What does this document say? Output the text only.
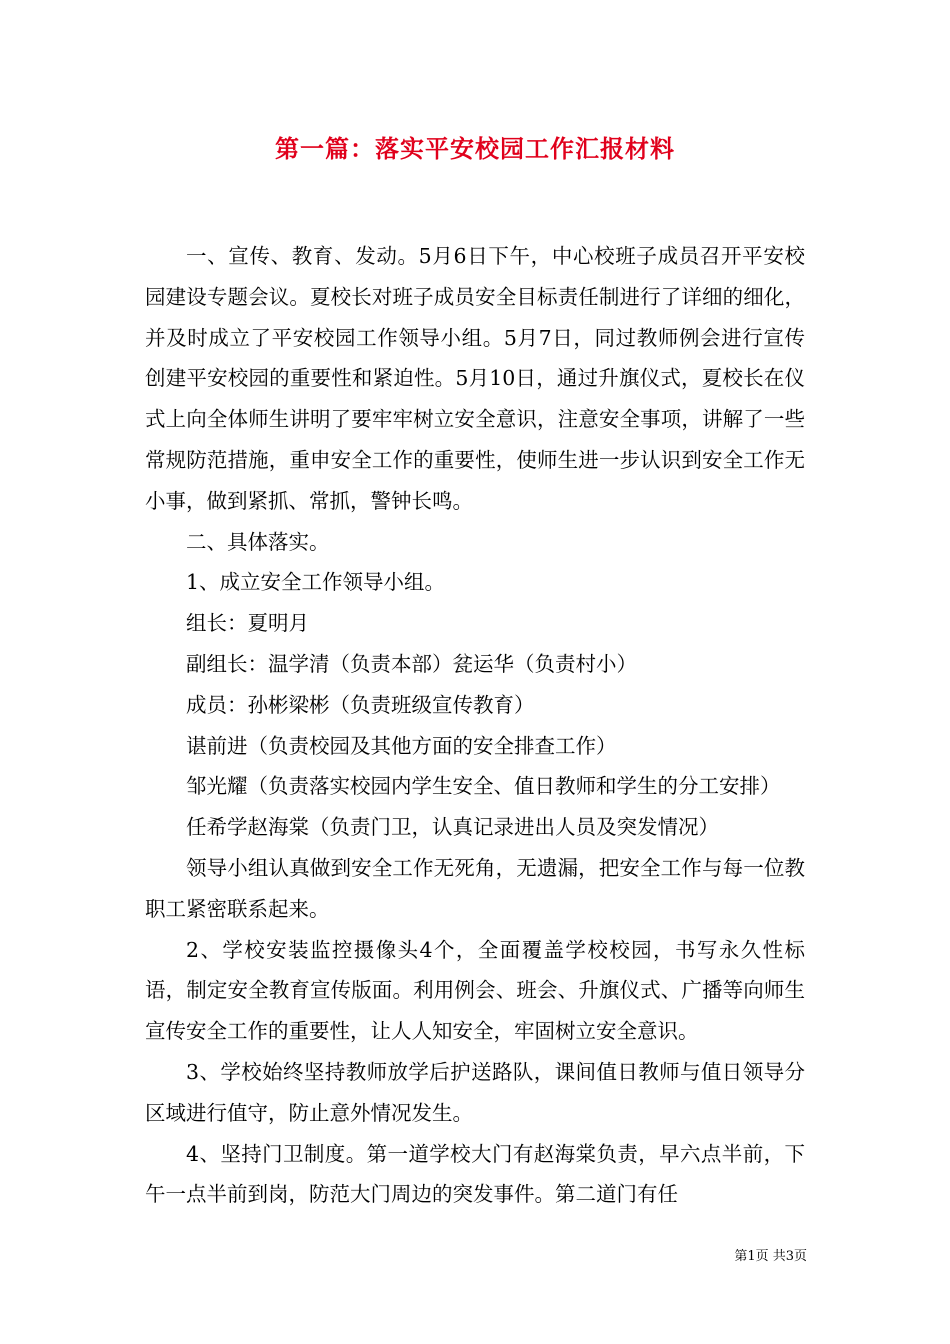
第一篇：落实平安校园工作汇报材料

一、宣传、教育、发动。5月6日下午，中心校班子成员召开平安校园建设专题会议。夏校长对班子成员安全目标责任制进行了详细的细化，并及时成立了平安校园工作领导小组。5月7日，同过教师例会进行宣传创建平安校园的重要性和紧迫性。5月10日，通过升旗仪式，夏校长在仪式上向全体师生讲明了要牢牢树立安全意识，注意安全事项，讲解了一些常规防范措施，重申安全工作的重要性，使师生进一步认识到安全工作无小事，做到紧抓、常抓，警钟长鸣。

二、具体落实。

1、成立安全工作领导小组。

组长：夏明月

副组长：温学清（负责本部）瓫运华（负责村小）

成员：孙彬梁彬（负责班级宣传教育）

谌前进（负责校园及其他方面的安全排查工作）

邹光耀（负责落实校园内学生安全、值日教师和学生的分工安排）

任希学赵海棠（负责门卫，认真记录进出人员及突发情况）

领导小组认真做到安全工作无死角，无遗漏，把安全工作与每一位教职工紧密联系起来。

2、学校安装监控摄像头4个，全面覆盖学校校园，书写永久性标语，制定安全教育宣传版面。利用例会、班会、升旗仪式、广播等向师生宣传安全工作的重要性，让人人知安全，牢固树立安全意识。

3、学校始终坚持教师放学后护送路队，课间值日教师与值日领导分区域进行值守，防止意外情况发生。

4、坚持门卫制度。第一道学校大门有赵海棠负责，早六点半前，下午一点半前到岗，防范大门周边的突发事件。第二道门有任

第1页 共3页
